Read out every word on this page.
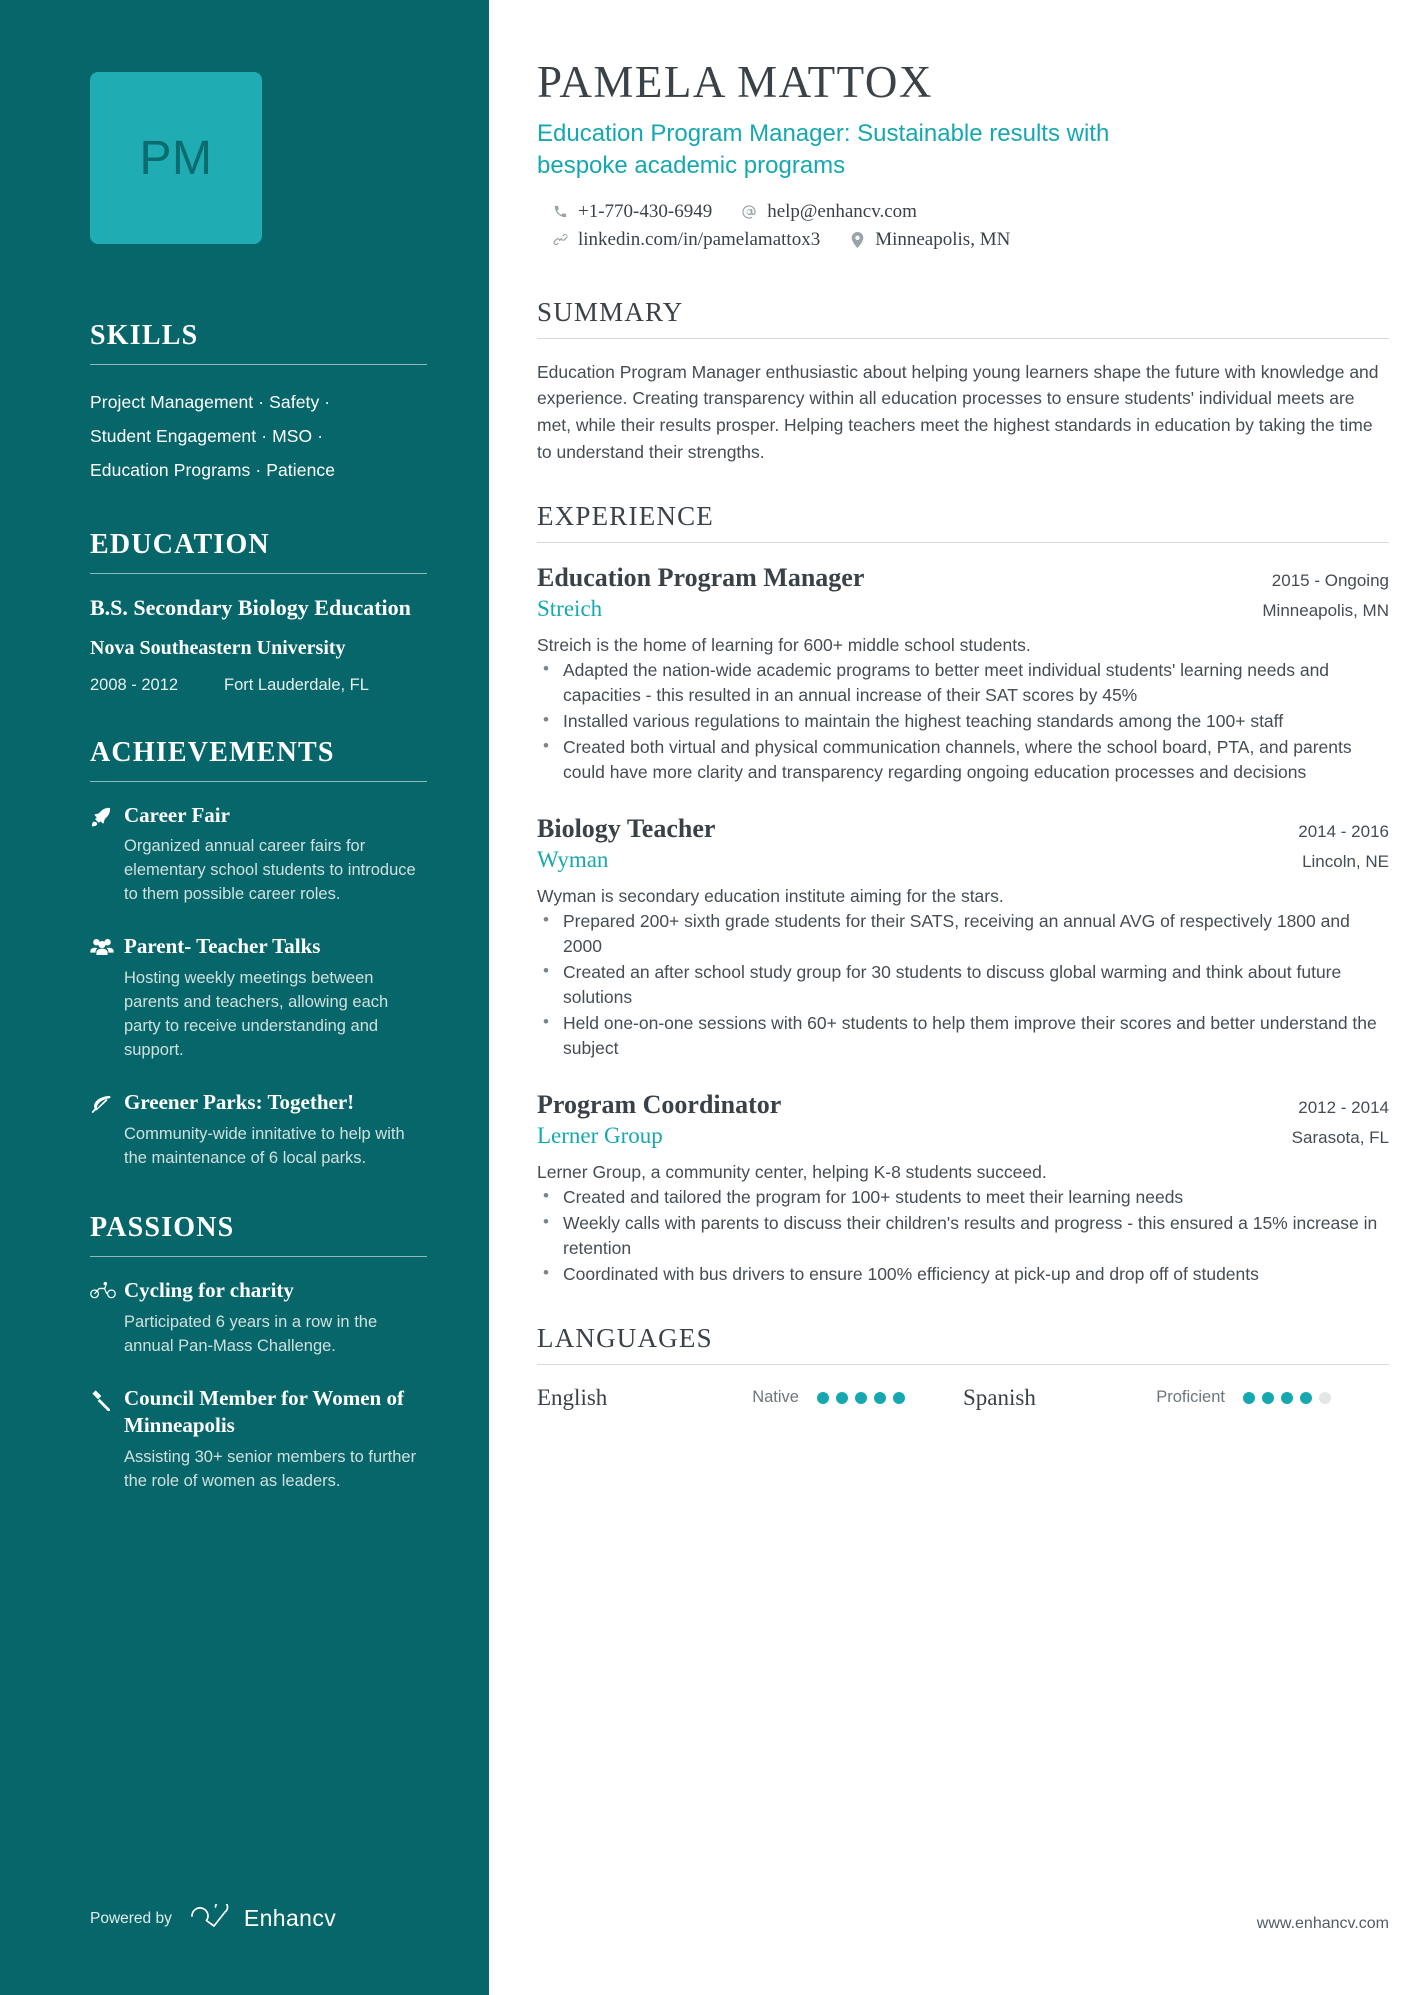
PM
SKILLS
Project Management · Safety ·
Student Engagement · MSO ·
Education Programs · Patience
EDUCATION
B.S. Secondary Biology Education
Nova Southeastern University
2008 - 2012	Fort Lauderdale, FL
ACHIEVEMENTS
Career Fair
Organized annual career fairs for elementary school students to introduce to them possible career roles.
Parent- Teacher Talks
Hosting weekly meetings between parents and teachers, allowing each party to receive understanding and support.
Greener Parks: Together!
Community-wide innitative to help with the maintenance of 6 local parks.
PASSIONS
Cycling for charity
Participated 6 years in a row in the annual Pan-Mass Challenge.
Council Member for Women of Minneapolis
Assisting 30+ senior members to further the role of women as leaders.
Powered by	Enhancv
PAMELA MATTOX
Education Program Manager: Sustainable results with bespoke academic programs
+1-770-430-6949	help@enhancv.com
linkedin.com/in/pamelamattox3	Minneapolis, MN
SUMMARY

Education Program Manager enthusiastic about helping young learners shape the future with knowledge and experience. Creating transparency within all education processes to ensure students' individual meets are met, while their results prosper. Helping teachers meet the highest standards in education by taking the time to understand their strengths.

EXPERIENCE
Education Program Manager	2015 - Ongoing
Streich	Minneapolis, MN
Streich is the home of learning for 600+ middle school students.
• Adapted the nation-wide academic programs to better meet individual students' learning needs and capacities - this resulted in an annual increase of their SAT scores by 45%
• Installed various regulations to maintain the highest teaching standards among the 100+ staff
• Created both virtual and physical communication channels, where the school board, PTA, and parents could have more clarity and transparency regarding ongoing education processes and decisions
Biology Teacher	2014 - 2016
Wyman	Lincoln, NE
Wyman is secondary education institute aiming for the stars.
• Prepared 200+ sixth grade students for their SATS, receiving an annual AVG of respectively 1800 and 2000
• Created an after school study group for 30 students to discuss global warming and think about future solutions
• Held one-on-one sessions with 60+ students to help them improve their scores and better understand the subject
Program Coordinator	2012 - 2014
Lerner Group	Sarasota, FL
Lerner Group, a community center, helping K-8 students succeed.
• Created and tailored the program for 100+ students to meet their learning needs
• Weekly calls with parents to discuss their children's results and progress - this ensured a 15% increase in retention
• Coordinated with bus drivers to ensure 100% efficiency at pick-up and drop off of students
LANGUAGES
English	Native	Spanish	Proficient
www.enhancv.com
